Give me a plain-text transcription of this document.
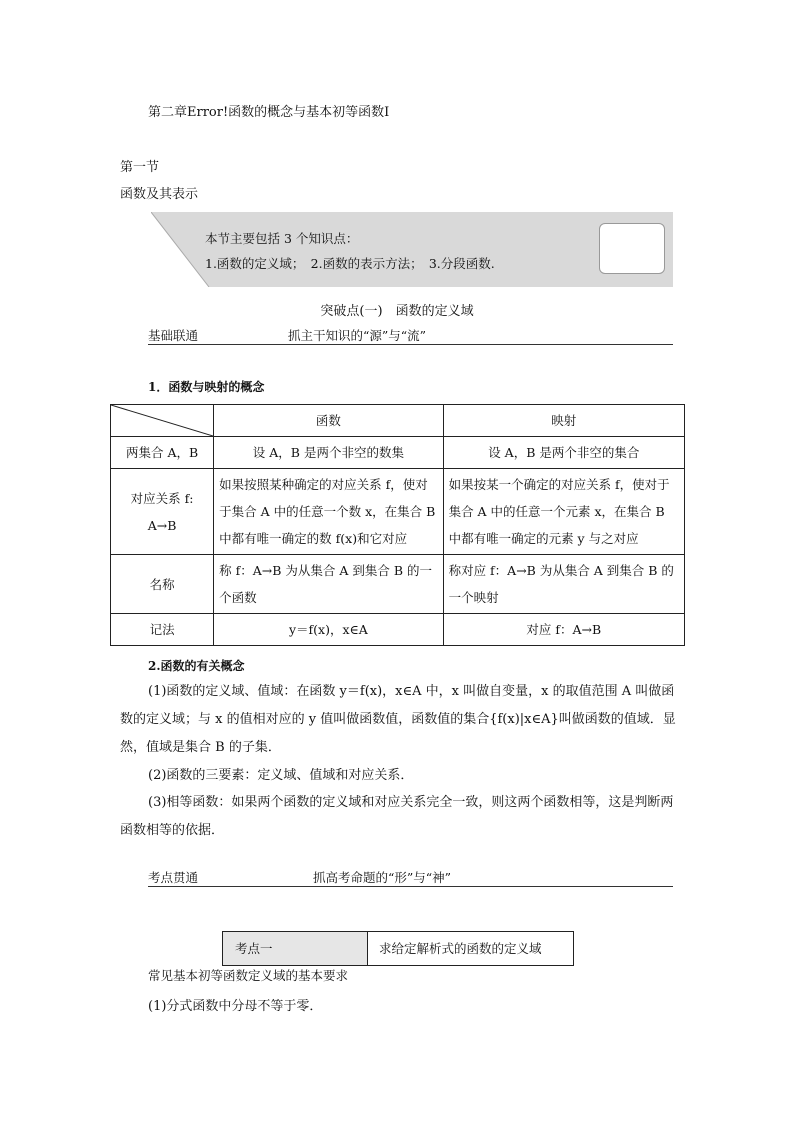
第二章Error!函数的概念与基本初等函数Ⅰ
第一节
函数及其表示
本节主要包括 3 个知识点：
1.函数的定义域；　2.函数的表示方法；　3.分段函数.
突破点(一)　函数的定义域
基础联通	抓主干知识的“源”与“流”
1．函数与映射的概念
	函数	映射
两集合 A，B	设 A，B 是两个非空的数集	设 A，B 是两个非空的集合

对应关系 f:
A→B	如果按照某种确定的对应关系 f，使对于集合 A 中的任意一个数 x，在集合 B 中都有唯一确定的数 f(x)和它对应	如果按某一个确定的对应关系 f，使对于集合 A 中的任意一个元素 x，在集合 B 中都有唯一确定的元素 y 与之对应
名称	称 f：A→B 为从集合 A 到集合 B 的一个函数	称对应 f：A→B 为从集合 A 到集合 B 的一个映射
记法	y＝f(x)，x∈A	对应 f：A→B
2.函数的有关概念
(1)函数的定义域、值域：在函数 y＝f(x)，x∈A 中，x 叫做自变量，x 的取值范围 A 叫做函数的定义域；与 x 的值相对应的 y 值叫做函数值，函数值的集合{f(x)|x∈A}叫做函数的值域．显然，值域是集合 B 的子集．
(2)函数的三要素：定义域、值域和对应关系．
(3)相等函数：如果两个函数的定义域和对应关系完全一致，则这两个函数相等，这是判断两函数相等的依据．
考点贯通	抓高考命题的“形”与“神”
考点一	求给定解析式的函数的定义域
常见基本初等函数定义域的基本要求
(1)分式函数中分母不等于零．
